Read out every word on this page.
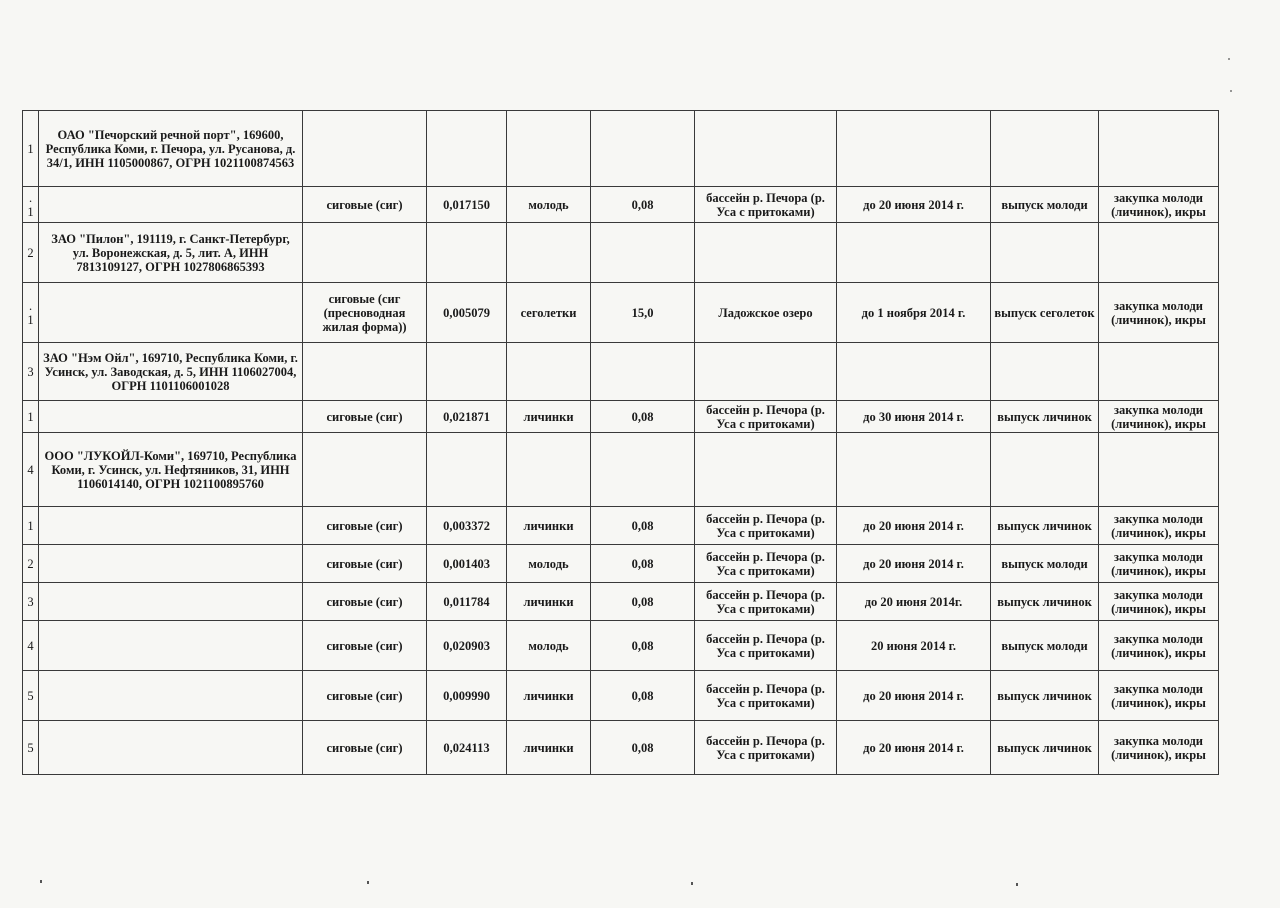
1	ОАО "Печорский речной порт", 169600, Республика Коми, г. Печора, ул. Русанова, д. 34/1, ИНН 1105000867, ОГРН 1021100874563								
.1		сиговые (сиг)	0,017150	молодь	0,08	бассейн р. Печора (р. Уса с притоками)	до 20 июня 2014 г.	выпуск молоди	закупка молоди (личинок), икры
2	ЗАО "Пилон", 191119, г. Санкт-Петербург, ул. Воронежская, д. 5, лит. А, ИНН 7813109127, ОГРН 1027806865393								
.1		сиговые (сиг (пресноводная жилая форма))	0,005079	сеголетки	15,0	Ладожское озеро	до 1 ноября 2014 г.	выпуск сеголеток	закупка молоди (личинок), икры
3	ЗАО "Нэм Ойл", 169710, Республика Коми, г. Усинск, ул. Заводская, д. 5, ИНН 1106027004, ОГРН 1101106001028								
1		сиговые (сиг)	0,021871	личинки	0,08	бассейн р. Печора (р. Уса с притоками)	до 30 июня 2014 г.	выпуск личинок	закупка молоди (личинок), икры
4	ООО "ЛУКОЙЛ-Коми", 169710, Республика Коми, г. Усинск, ул. Нефтяников, 31, ИНН 1106014140, ОГРН 1021100895760								
1		сиговые (сиг)	0,003372	личинки	0,08	бассейн р. Печора (р. Уса с притоками)	до 20 июня 2014 г.	выпуск личинок	закупка молоди (личинок), икры
2		сиговые (сиг)	0,001403	молодь	0,08	бассейн р. Печора (р. Уса с притоками)	до 20 июня 2014 г.	выпуск молоди	закупка молоди (личинок), икры
3		сиговые (сиг)	0,011784	личинки	0,08	бассейн р. Печора (р. Уса с притоками)	до 20 июня 2014г.	выпуск личинок	закупка молоди (личинок), икры
4		сиговые (сиг)	0,020903	молодь	0,08	бассейн р. Печора (р. Уса с притоками)	20 июня 2014 г.	выпуск молоди	закупка молоди (личинок), икры
5		сиговые (сиг)	0,009990	личинки	0,08	бассейн р. Печора (р. Уса с притоками)	до 20 июня 2014 г.	выпуск личинок	закупка молоди (личинок), икры
5		сиговые (сиг)	0,024113	личинки	0,08	бассейн р. Печора (р. Уса с притоками)	до 20 июня 2014 г.	выпуск личинок	закупка молоди (личинок), икры
